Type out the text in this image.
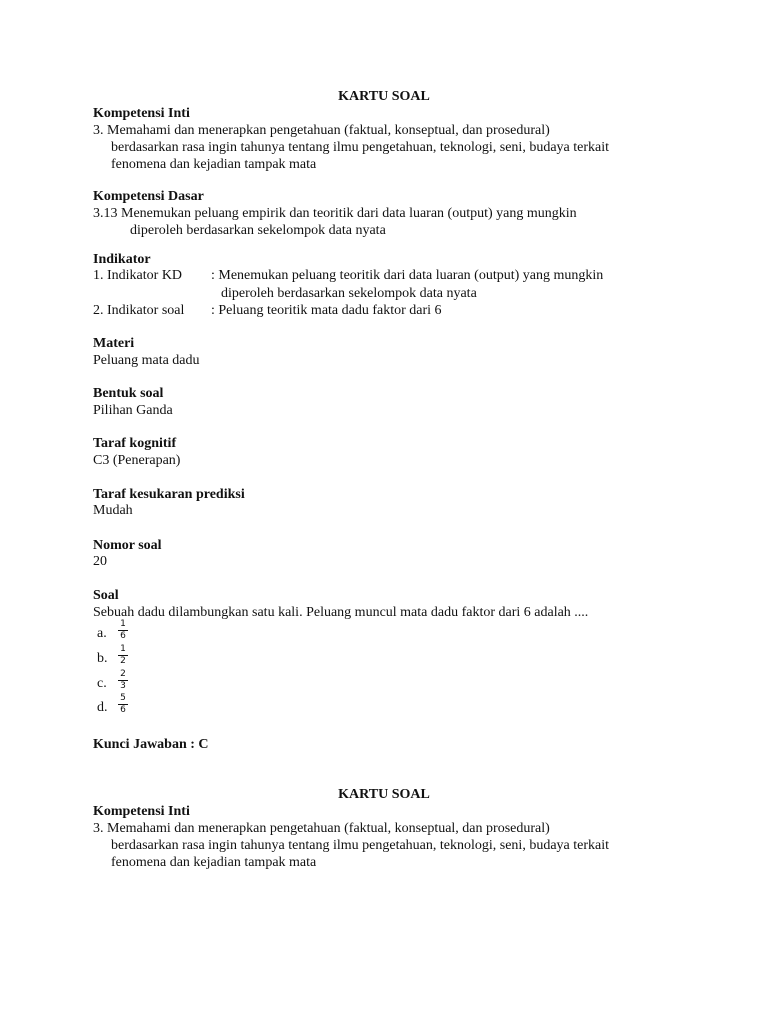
KARTU SOAL
Kompetensi Inti
3. Memahami dan menerapkan pengetahuan (faktual, konseptual, dan prosedural)
berdasarkan rasa ingin tahunya tentang ilmu pengetahuan, teknologi, seni, budaya terkait
fenomena dan kejadian tampak mata
Kompetensi Dasar
3.13 Menemukan peluang empirik dan teoritik dari data luaran (output) yang mungkin
diperoleh berdasarkan sekelompok data nyata
Indikator
1. Indikator KD : Menemukan peluang teoritik dari data luaran (output) yang mungkin
diperoleh berdasarkan sekelompok data nyata
2. Indikator soal : Peluang teoritik mata dadu faktor dari 6
Materi
Peluang mata dadu
Bentuk soal
Pilihan Ganda
Taraf kognitif
C3 (Penerapan)
Taraf kesukaran prediksi
Mudah
Nomor soal
20
Soal
Sebuah dadu dilambungkan satu kali. Peluang muncul mata dadu faktor dari 6 adalah ....
a.
1
6
b.
1
2
c.
2
3
d.
5
6
Kunci Jawaban : C
KARTU SOAL
Kompetensi Inti
3. Memahami dan menerapkan pengetahuan (faktual, konseptual, dan prosedural)
berdasarkan rasa ingin tahunya tentang ilmu pengetahuan, teknologi, seni, budaya terkait
fenomena dan kejadian tampak mata
